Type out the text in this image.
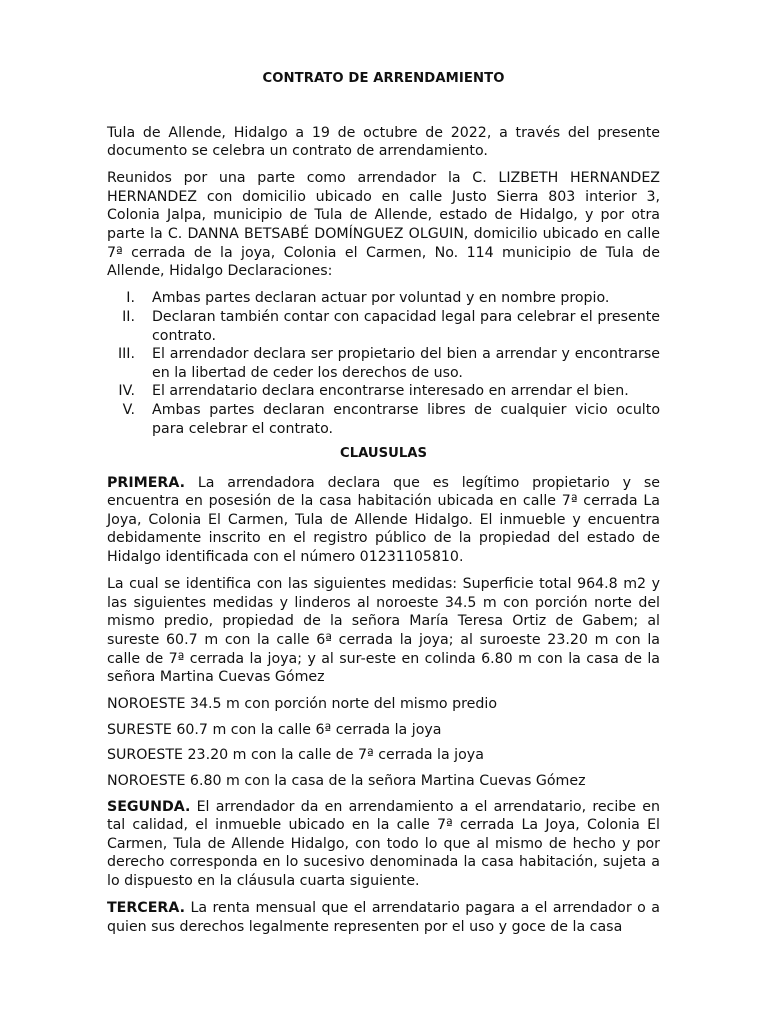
CONTRATO DE ARRENDAMIENTO

Tula de Allende, Hidalgo a 19 de octubre de 2022, a través del presente documento se celebra un contrato de arrendamiento.

Reunidos por una parte como arrendador la C. LIZBETH HERNANDEZ HERNANDEZ con domicilio ubicado en calle Justo Sierra 803 interior 3, Colonia Jalpa, municipio de Tula de Allende, estado de Hidalgo, y por otra parte la C. DANNA BETSABÉ DOMÍNGUEZ OLGUIN, domicilio ubicado en calle 7ª cerrada de la joya, Colonia el Carmen, No. 114 municipio de Tula de Allende, Hidalgo Declaraciones:

I. Ambas partes declaran actuar por voluntad y en nombre propio.
II. Declaran también contar con capacidad legal para celebrar el presente contrato.
III. El arrendador declara ser propietario del bien a arrendar y encontrarse en la libertad de ceder los derechos de uso.
IV. El arrendatario declara encontrarse interesado en arrendar el bien.
V. Ambas partes declaran encontrarse libres de cualquier vicio oculto para celebrar el contrato.
CLAUSULAS

PRIMERA. La arrendadora declara que es legítimo propietario y se encuentra en posesión de la casa habitación ubicada en calle 7ª cerrada La Joya, Colonia El Carmen, Tula de Allende Hidalgo. El inmueble y encuentra debidamente inscrito en el registro público de la propiedad del estado de Hidalgo identificada con el número 01231105810.

La cual se identifica con las siguientes medidas: Superficie total 964.8 m2 y las siguientes medidas y linderos al noroeste 34.5 m con porción norte del mismo predio, propiedad de la señora María Teresa Ortiz de Gabem; al sureste 60.7 m con la calle 6ª cerrada la joya; al suroeste 23.20 m con la calle de 7ª cerrada la joya; y al sur-este en colinda 6.80 m con la casa de la señora Martina Cuevas Gómez

NOROESTE 34.5 m con porción norte del mismo predio

SURESTE 60.7 m con la calle 6ª cerrada la joya

SUROESTE 23.20 m con la calle de 7ª cerrada la joya

NOROESTE 6.80 m con la casa de la señora Martina Cuevas Gómez

SEGUNDA. El arrendador da en arrendamiento a el arrendatario, recibe en tal calidad, el inmueble ubicado en la calle 7ª cerrada La Joya, Colonia El Carmen, Tula de Allende Hidalgo, con todo lo que al mismo de hecho y por derecho corresponda en lo sucesivo denominada la casa habitación, sujeta a lo dispuesto en la cláusula cuarta siguiente.

TERCERA. La renta mensual que el arrendatario pagara a el arrendador o a quien sus derechos legalmente representen por el uso y goce de la casa
